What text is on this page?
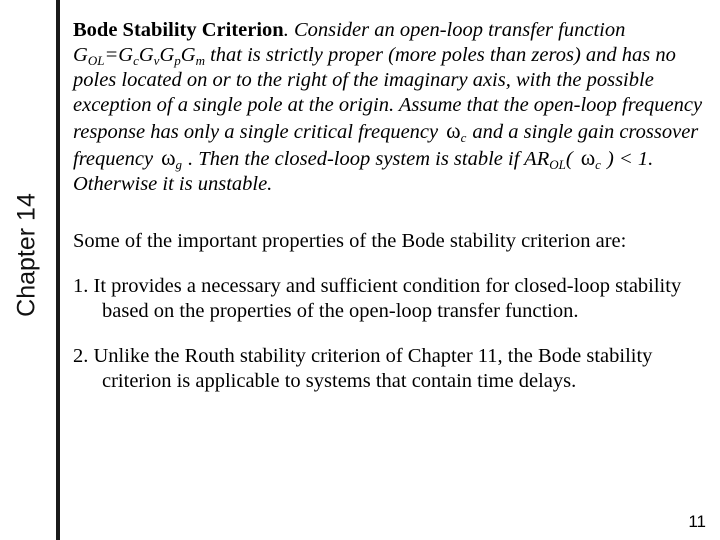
Chapter 14

Bode Stability Criterion. Consider an open-loop transfer function $G_{OL}=G_cG_vG_pG_m$ that is strictly proper (more poles than zeros) and has no poles located on or to the right of the imaginary axis, with the possible exception of a single pole at the origin. Assume that the open-loop frequency response has only a single critical frequency $\omega_c$ and a single gain crossover frequency $\omega_g$ . Then the closed-loop system is stable if $AR_{OL}$( $\omega_c$ ) < 1. Otherwise it is unstable.

Some of the important properties of the Bode stability criterion are:

1. It provides a necessary and sufficient condition for closed-loop stability based on the properties of the open-loop transfer function.

2. Unlike the Routh stability criterion of Chapter 11, the Bode stability criterion is applicable to systems that contain time delays.

11
